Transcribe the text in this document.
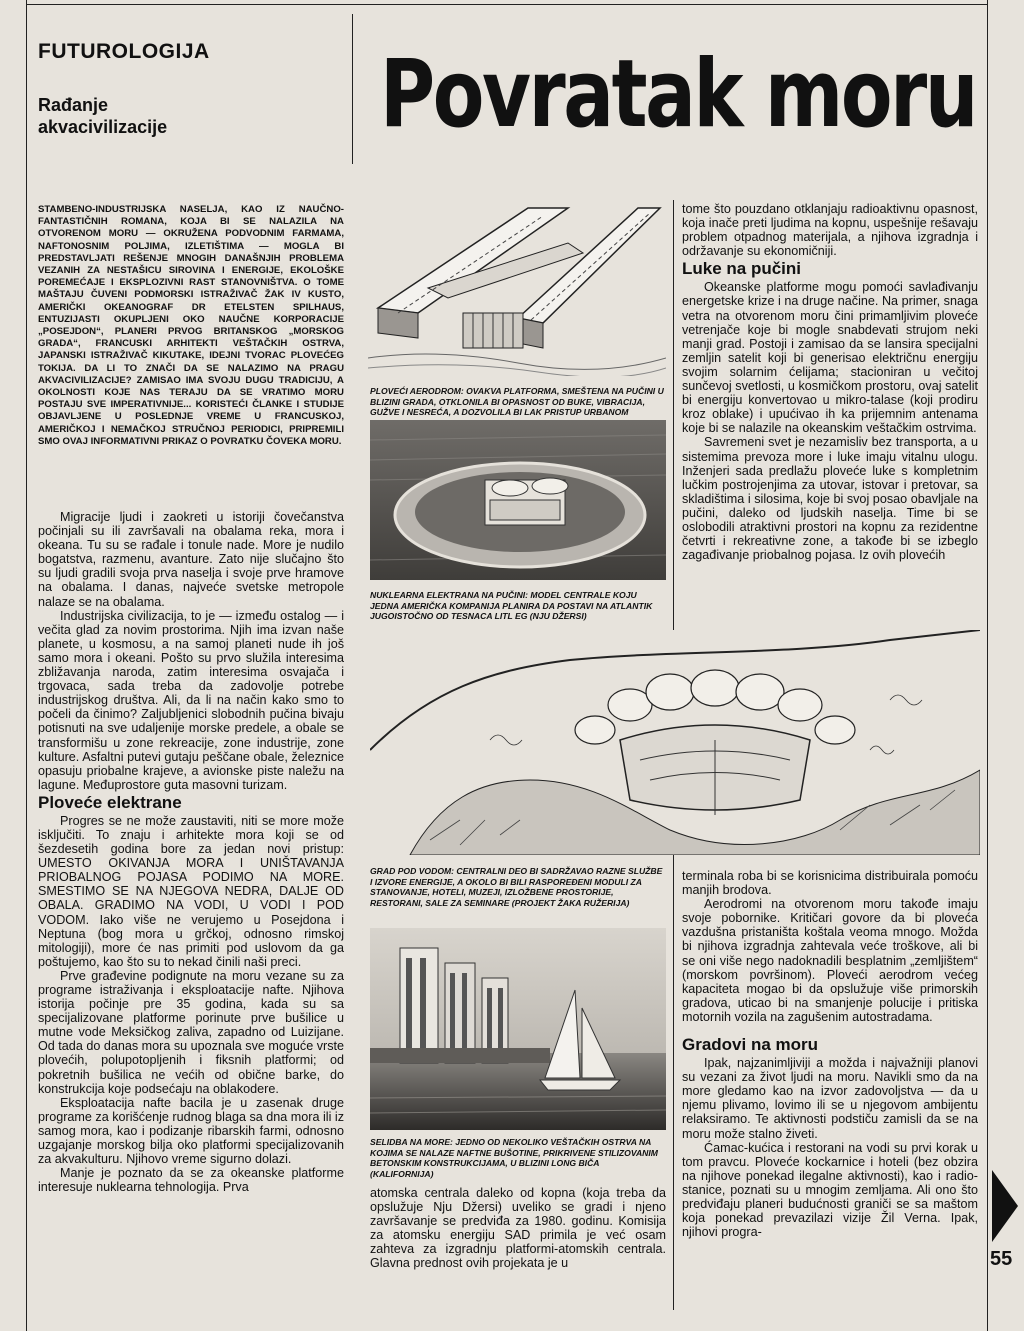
FUTUROLOGIJA
Rađanje akvacivilizacije	Povratak moru
STAMBENO-INDUSTRIJSKA NASELJA, KAO IZ NAUČNO-FANTASTIČNIH ROMANA, KOJA BI SE NALAZILA NA OTVORENOM MORU — OKRUŽENA PODVODNIM FARMAMA, NAFTONOSNIM POLJIMA, IZLETIŠTIMA — MOGLA BI PREDSTAVLJATI REŠENJE MNOGIH DANAŠNJIH PROBLEMA VEZANIH ZA NESTAŠICU SIROVINA I ENERGIJE, EKOLOŠKE POREMEĆAJE I EKSPLOZIVNI RAST STANOVNIŠTVA. O TOME MAŠTAJU ČUVENI PODMORSKI ISTRAŽIVAČ ŽAK IV KUSTO, AMERIČKI OKEANOGRAF DR ETELSTEN SPILHAUS, ENTUZIJASTI OKUPLJENI OKO NAUČNE KORPORACIJE „POSEJDON“, PLANERI PRVOG BRITANSKOG „MORSKOG GRADA“, FRANCUSKI ARHITEKTI VEŠTAČKIH OSTRVA, JAPANSKI ISTRAŽIVAČ KIKUTAKE, IDEJNI TVORAC PLOVEĆEG TOKIJA. DA LI TO ZNAČI DA SE NALAZIMO NA PRAGU AKVACIVILIZACIJE? ZAMISAO IMA SVOJU DUGU TRADICIJU, A OKOLNOSTI KOJE NAS TERAJU DA SE VRATIMO MORU POSTAJU SVE IMPERATIVNIJE... KORISTEĆI ČLANKE I STUDIJE OBJAVLJENE U POSLEDNJE VREME U FRANCUSKOJ, AMERIČKOJ I NEMAČKOJ STRUČNOJ PERIODICI, PRIPREMILI SMO OVAJ INFORMATIVNI PRIKAZ O POVRATKU ČOVEKA MORU.

Migracije ljudi i zaokreti u istoriji čovečanstva počinjali su ili završavali na obalama reka, mora i okeana. Tu su se rađale i tonule nade. More je nudilo bogatstva, razmenu, avanture. Zato nije slučajno što su ljudi gradili svoja prva naselja i svoje prve hramove na obalama. I danas, najveće svetske metropole nalaze se na obalama.

Industrijska civilizacija, to je — između ostalog — i večita glad za novim prostorima. Njih ima izvan naše planete, u kosmosu, a na samoj planeti nude ih još samo mora i okeani. Pošto su prvo služila interesima zbližavanja naroda, zatim interesima osvajača i trgovaca, sada treba da zadovolje potrebe industrijskog društva. Ali, da li na način kako smo to počeli da činimo? Zaljubljenici slobodnih pučina bivaju potisnuti na sve udaljenije morske predele, a obale se transformišu u zone rekreacije, zone industrije, zone kulture. Asfaltni putevi gutaju peščane obale, železnice opasuju priobalne krajeve, a avionske piste naležu na lagune. Međuprostore guta masovni turizam.

Ploveće elektrane

Progres se ne može zaustaviti, niti se more može isključiti. To znaju i arhitekte mora koji se od šezdesetih godina bore za jedan novi pristup: UMESTO OKIVANJA MORA I UNIŠTAVANJA PRIOBALNOG POJASA PODIMO NA MORE. SMESTIMO SE NA NJEGOVA NEDRA, DALJE OD OBALA. GRADIMO NA VODI, U VODI I POD VODOM. Iako više ne verujemo u Posejdona i Neptuna (bog mora u grčkoj, odnosno rimskoj mitologiji), more će nas primiti pod uslovom da ga poštujemo, kao što su to nekad činili naši preci.

Prve građevine podignute na moru vezane su za programe istraživanja i eksploatacije nafte. Njihova istorija počinje pre 35 godina, kada su sa specijalizovane platforme porinute prve bušilice u mutne vode Meksičkog zaliva, zapadno od Luizijane. Od tada do danas mora su upoznala sve moguće vrste plovećih, polupotopljenih i fiksnih platformi; od pokretnih bušilica ne većih od obične barke, do konstrukcija koje podsećaju na oblakodere.

Eksploatacija nafte bacila je u zasenak druge programe za korišćenje rudnog blaga sa dna mora ili iz samog mora, kao i podizanje ribarskih farmi, odnosno uzgajanje morskog bilja oko platformi specijalizovanih za akvakulturu. Njihovo vreme sigurno dolazi.

Manje je poznato da se za okeanske platforme interesuje nuklearna tehnologija. Prva

PLOVEĆI AERODROM: OVAKVA PLATFORMA, SMEŠTENA NA PUČINI U BLIZINI GRADA, OTKLONILA BI OPASNOST OD BUKE, VIBRACIJA, GUŽVE I NESREĆA, A DOZVOLILA BI LAK PRISTUP URBANOM
NUKLEARNA ELEKTRANA NA PUČINI: MODEL CENTRALE KOJU JEDNA AMERIČKA KOMPANIJA PLANIRA DA POSTAVI NA ATLANTIK JUGOISTOČNO OD TESNACA LITL EG (NJU DŽERSI)
GRAD POD VODOM: CENTRALNI DEO BI SADRŽAVAO RAZNE SLUŽBE I IZVORE ENERGIJE, A OKOLO BI BILI RASPOREĐENI MODULI ZA STANOVANJE, HOTELI, MUZEJI, IZLOŽBENE PROSTORIJE, RESTORANI, SALE ZA SEMINARE (PROJEKT ŽAKA RUŽERIJA)
SELIDBA NA MORE: JEDNO OD NEKOLIKO VEŠTAČKIH OSTRVA NA KOJIMA SE NALAZE NAFTNE BUŠOTINE, PRIKRIVENE STILIZOVANIM BETONSKIM KONSTRUKCIJAMA, U BLIZINI LONG BIČA (KALIFORNIJA)

atomska centrala daleko od kopna (koja treba da opslužuje Nju Džersi) uveliko se gradi i njeno završavanje se predviđa za 1980. godinu. Komisija za atomsku energiju SAD primila je već osam zahteva za izgradnju platformi-atomskih centrala. Glavna prednost ovih projekata je u

tome što pouzdano otklanjaju radioaktivnu opasnost, koja inače preti ljudima na kopnu, uspešnije rešavaju problem otpadnog materijala, a njihova izgradnja i održavanje su ekonomičniji.

Luke na pučini

Okeanske platforme mogu pomoći savlađivanju energetske krize i na druge načine. Na primer, snaga vetra na otvorenom moru čini primamljivim ploveće vetrenjače koje bi mogle snabdevati strujom neki manji grad. Postoji i zamisao da se lansira specijalni zemljin satelit koji bi generisao električnu energiju svojim solarnim ćelijama; stacioniran u večitoj sunčevoj svetlosti, u kosmičkom prostoru, ovaj satelit bi energiju konvertovao u mikro-talase (koji prodiru kroz oblake) i upućivao ih ka prijemnim antenama koje bi se nalazile na okeanskim veštačkim ostrvima.

Savremeni svet je nezamisliv bez transporta, a u sistemima prevoza more i luke imaju vitalnu ulogu. Inženjeri sada predlažu ploveće luke s kompletnim lučkim postrojenjima za utovar, istovar i pretovar, sa skladištima i silosima, koje bi svoj posao obavljale na pučini, daleko od ljudskih naselja. Time bi se oslobodili atraktivni prostori na kopnu za rezidentne četvrti i rekreativne zone, a takođe bi se izbeglo zagađivanje priobalnog pojasa. Iz ovih plovećih

terminala roba bi se korisnicima distribuirala pomoću manjih brodova.

Aerodromi na otvorenom moru takođe imaju svoje pobornike. Kritičari govore da bi ploveća vazdušna pristaništa koštala veoma mnogo. Možda bi njihova izgradnja zahtevala veće troškove, ali bi se oni više nego nadoknadili besplatnim „zemljištem“ (morskom površinom). Ploveći aerodrom većeg kapaciteta mogao bi da opslužuje više primorskih gradova, uticao bi na smanjenje polucije i pritiska motornih vozila na zagušenim autostradama.

Gradovi na moru

Ipak, najzanimljiviji a možda i najvažniji planovi su vezani za život ljudi na moru. Navikli smo da na more gledamo kao na izvor zadovoljstva — da u njemu plivamo, lovimo ili se u njegovom ambijentu relaksiramo. Te aktivnosti podstiču zamisli da se na moru može stalno živeti.

Ćamac-kućica i restorani na vodi su prvi korak u tom pravcu. Ploveće kockarnice i hoteli (bez obzira na njihove ponekad ilegalne aktivnosti), kao i radio-stanice, poznati su u mnogim zemljama. Ali ono što predviđaju planeri budućnosti graniči se sa maštom koja ponekad prevazilazi vizije Žil Verna. Ipak, njihovi progra-

55
